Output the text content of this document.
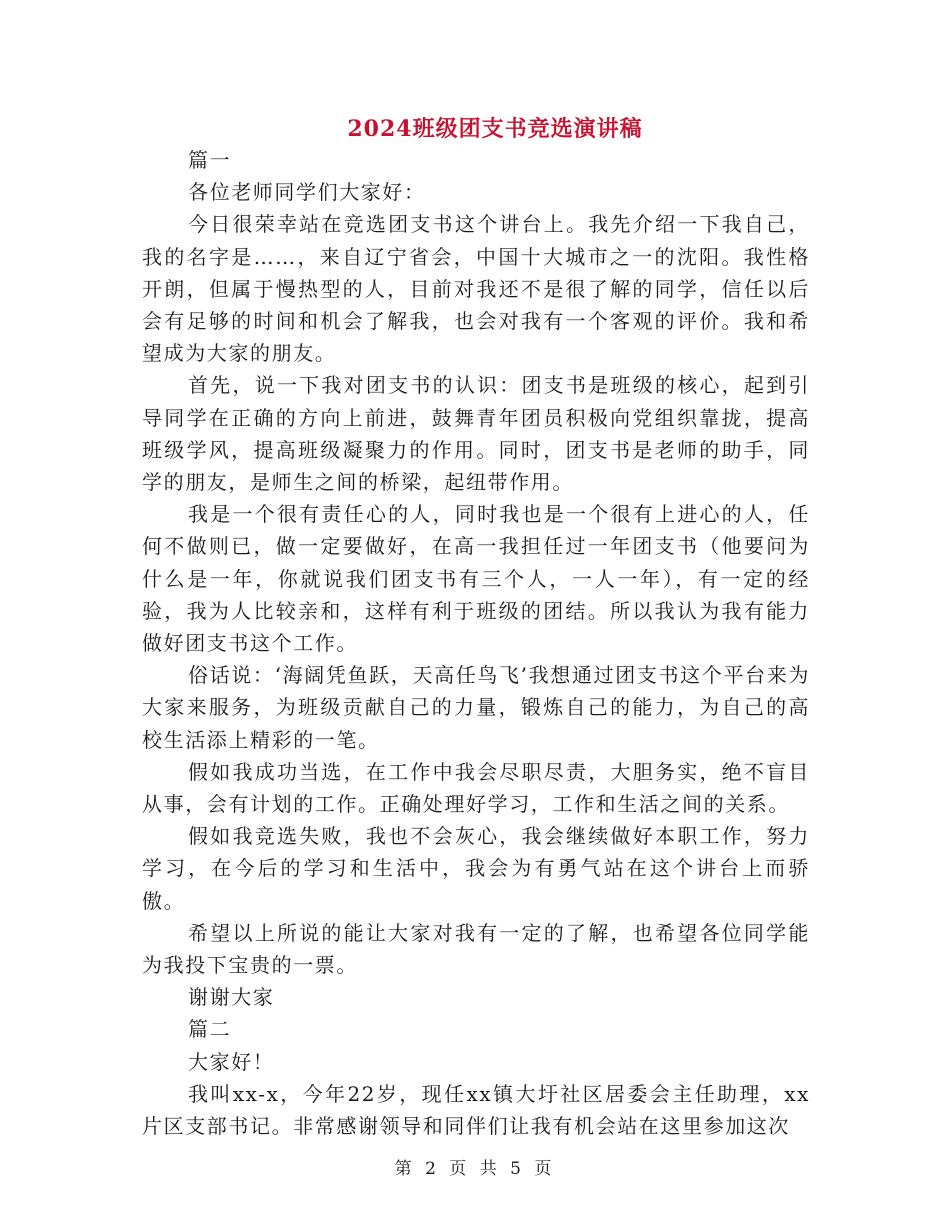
2024班级团支书竞选演讲稿

篇一

各位老师同学们大家好：

今日很荣幸站在竞选团支书这个讲台上。我先介绍一下我自己，我的名字是……，来自辽宁省会，中国十大城市之一的沈阳。我性格开朗，但属于慢热型的人，目前对我还不是很了解的同学，信任以后会有足够的时间和机会了解我，也会对我有一个客观的评价。我和希望成为大家的朋友。

首先，说一下我对团支书的认识：团支书是班级的核心，起到引导同学在正确的方向上前进，鼓舞青年团员积极向党组织靠拢，提高班级学风，提高班级凝聚力的作用。同时，团支书是老师的助手，同学的朋友，是师生之间的桥梁，起纽带作用。

我是一个很有责任心的人，同时我也是一个很有上进心的人，任何不做则已，做一定要做好，在高一我担任过一年团支书（他要问为什么是一年，你就说我们团支书有三个人，一人一年），有一定的经验，我为人比较亲和，这样有利于班级的团结。所以我认为我有能力做好团支书这个工作。

俗话说：‘海阔凭鱼跃，天高任鸟飞’我想通过团支书这个平台来为大家来服务，为班级贡献自己的力量，锻炼自己的能力，为自己的高校生活添上精彩的一笔。

假如我成功当选，在工作中我会尽职尽责，大胆务实，绝不盲目从事，会有计划的工作。正确处理好学习，工作和生活之间的关系。

假如我竞选失败，我也不会灰心，我会继续做好本职工作，努力学习，在今后的学习和生活中，我会为有勇气站在这个讲台上而骄傲。

希望以上所说的能让大家对我有一定的了解，也希望各位同学能为我投下宝贵的一票。

谢谢大家

篇二

大家好！

我叫xx-x，今年22岁，现任xx镇大圩社区居委会主任助理，xx片区支部书记。非常感谢领导和同伴们让我有机会站在这里参加这次

第 2 页 共 5 页
